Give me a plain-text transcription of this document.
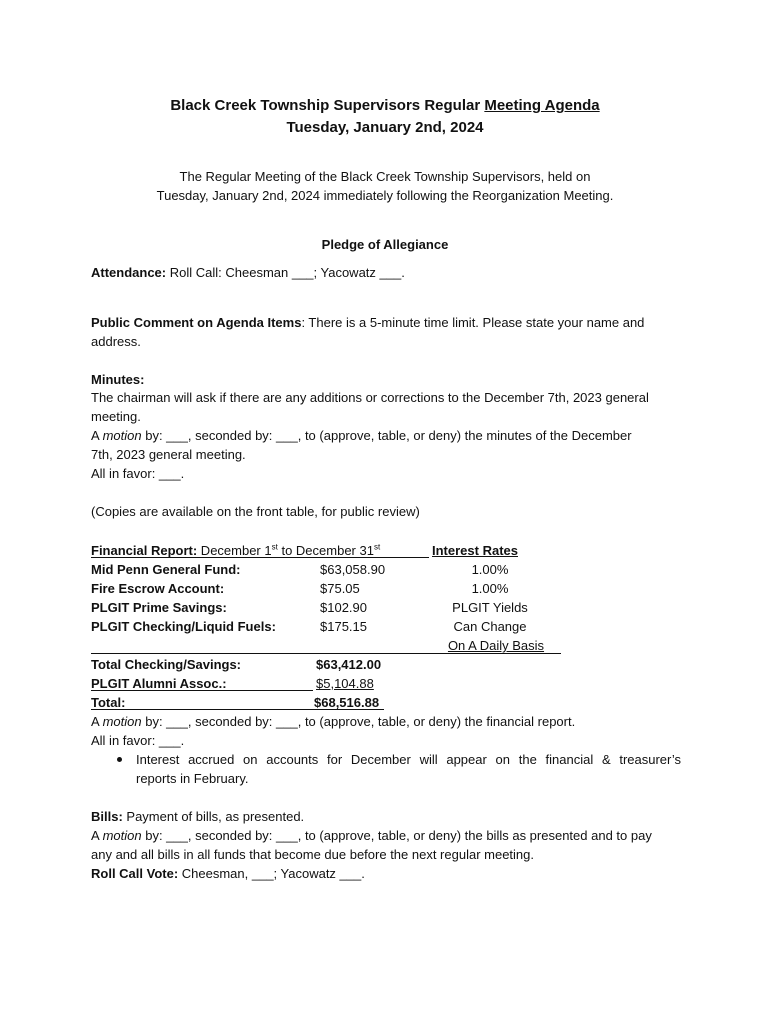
Black Creek Township Supervisors Regular Meeting Agenda
Tuesday, January 2nd, 2024
The Regular Meeting of the Black Creek Township Supervisors, held on
Tuesday, January 2nd, 2024 immediately following the Reorganization Meeting.
Pledge of Allegiance
Attendance: Roll Call: Cheesman ___; Yacowatz ___.
Public Comment on Agenda Items: There is a 5-minute time limit. Please state your name and
address.
Minutes:
The chairman will ask if there are any additions or corrections to the December 7th, 2023 general
meeting.
A motion by: ___, seconded by: ___, to (approve, table, or deny) the minutes of the December
7th, 2023 general meeting.
All in favor: ___.
(Copies are available on the front table, for public review)
Financial Report: December 1st to December 31st	Interest Rates
Mid Penn General Fund:	$63,058.90	1.00%
Fire Escrow Account:	$75.05	1.00%
PLGIT Prime Savings:	$102.90	PLGIT Yields
PLGIT Checking/Liquid Fuels:	$175.15	Can Change
On A Daily Basis
Total Checking/Savings:	$63,412.00
PLGIT Alumni Assoc.:	$5,104.88
Total:	$68,516.88
A motion by: ___, seconded by: ___, to (approve, table, or deny) the financial report.
All in favor: ___.
Interest accrued on accounts for December will appear on the financial & treasurer’s
reports in February.
Bills: Payment of bills, as presented.
A motion by: ___, seconded by: ___, to (approve, table, or deny) the bills as presented and to pay
any and all bills in all funds that become due before the next regular meeting.
Roll Call Vote: Cheesman, ___; Yacowatz ___.
